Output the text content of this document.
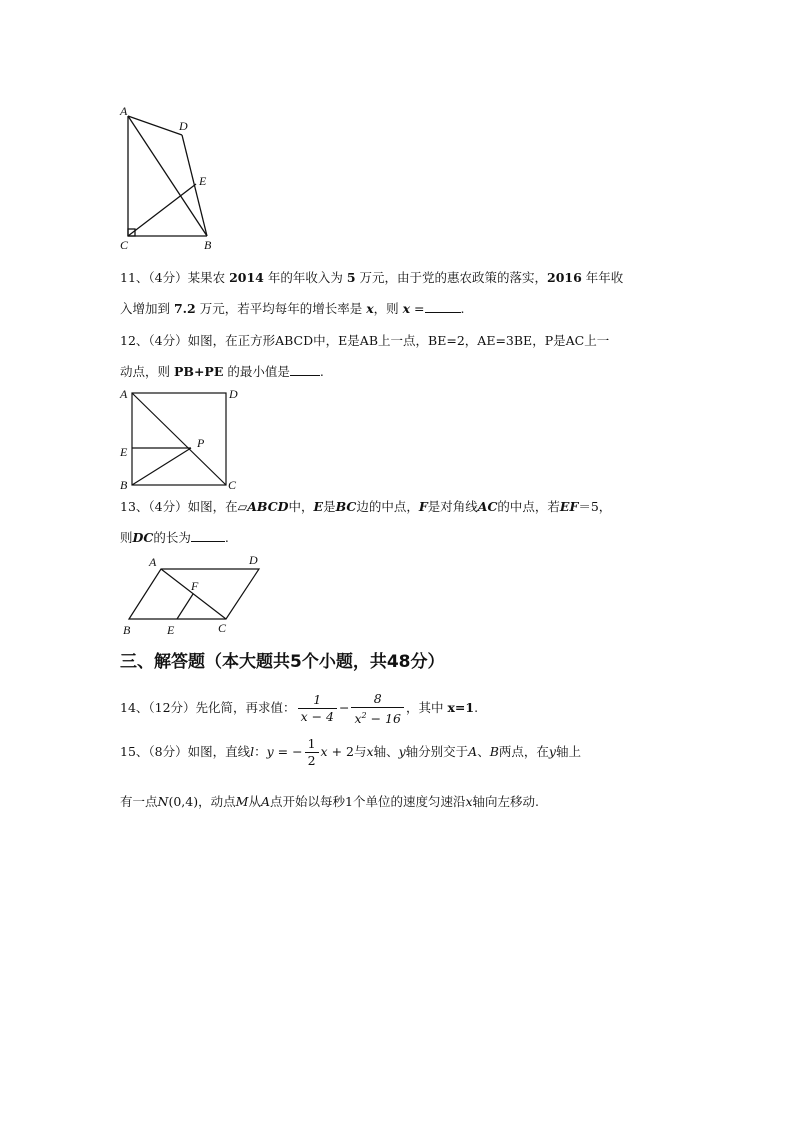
A
D
E
C	B
11、（4分）某果农 2014 年的年收入为 5 万元，由于党的惠农政策的落实，2016 年年收
入增加到 7.2 万元，若平均每年的增长率是 x，则 x =	.
12、（4分）如图，在正方形ABCD中，E是AB上一点，BE=2，AE=3BE，P是AC上一
动点，则 PB+PE 的最小值是 .
A	D
E
P
B	C
13、（4分）如图，在▱ABCD中，E是BC边的中点，F是对角线AC的中点，若EF＝5，
则DC的长为	.
A	D
F
B	E	C
三、解答题（本大题共5个小题，共48分）
14、（12分）先化简，再求值： $\frac{1}{x - 4} - \frac{8}{x^2 - 16}$ ，其中 x=1.
15、（8分）如图，直线l：y = − $\frac{1}{2}$ x + 2与x轴、y轴分别交于A、B两点，在y轴上
有一点N(0,4)，动点M从A点开始以每秒1个单位的速度匀速沿x轴向左移动.
